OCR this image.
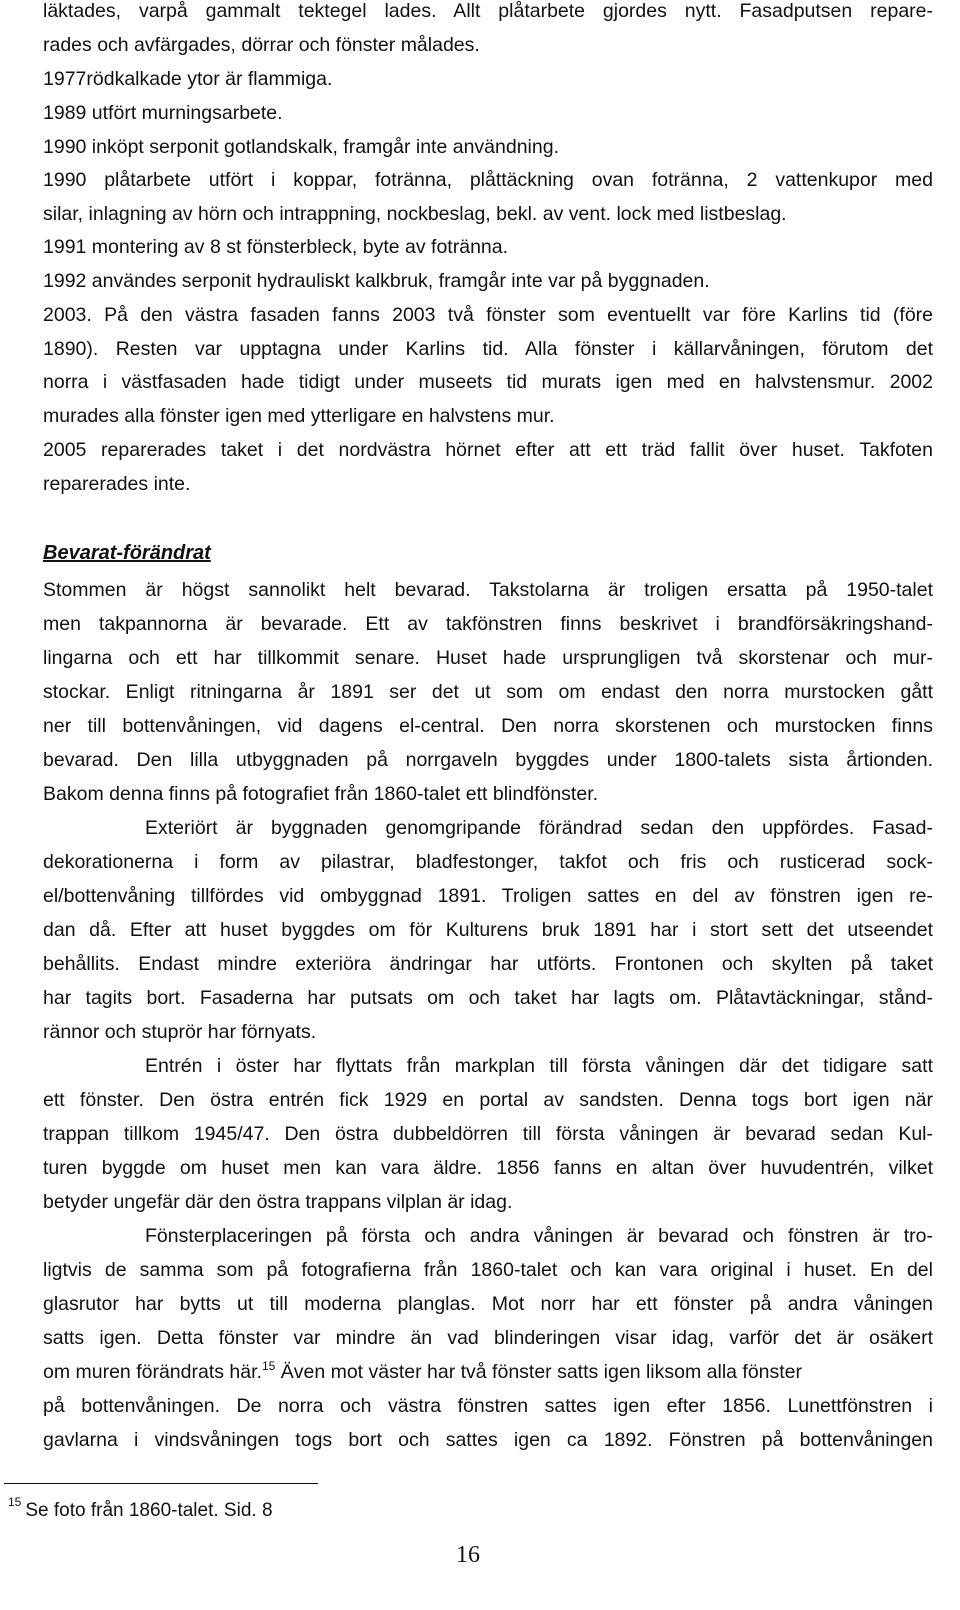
läktades, varpå gammalt tektegel lades. Allt plåtarbete gjordes nytt. Fasadputsen repare-
rades och avfärgades, dörrar och fönster målades.
1977rödkalkade ytor är flammiga.
1989 utfört murningsarbete.
1990 inköpt serponit gotlandskalk, framgår inte användning.
1990 plåtarbete utfört i koppar, fotränna, plåttäckning ovan fotränna, 2 vattenkupor med
silar, inlagning av hörn och intrappning, nockbeslag, bekl. av vent. lock med listbeslag.
1991 montering av 8 st fönsterbleck, byte av fotränna.
1992 användes serponit hydrauliskt kalkbruk, framgår inte var på byggnaden.
2003. På den västra fasaden fanns 2003 två fönster som eventuellt var före Karlins tid (före
1890). Resten var upptagna under Karlins tid. Alla fönster i källarvåningen, förutom det
norra i västfasaden hade tidigt under museets tid murats igen med en halvstensmur. 2002
murades alla fönster igen med ytterligare en halvstens mur.
2005 reparerades taket i det nordvästra hörnet efter att ett träd fallit över huset. Takfoten
reparerades inte.
Bevarat-förändrat
Stommen är högst sannolikt helt bevarad. Takstolarna är troligen ersatta på 1950-talet
men takpannorna är bevarade. Ett av takfönstren finns beskrivet i brandförsäkringshand-
lingarna och ett har tillkommit senare. Huset hade ursprungligen två skorstenar och mur-
stockar. Enligt ritningarna år 1891 ser det ut som om endast den norra murstocken gått
ner till bottenvåningen, vid dagens el-central. Den norra skorstenen och murstocken finns
bevarad. Den lilla utbyggnaden på norrgaveln byggdes under 1800-talets sista årtionden.
Bakom denna finns på fotografiet från 1860-talet ett blindfönster.
Exteriört är byggnaden genomgripande förändrad sedan den uppfördes. Fasad-
dekorationerna i form av pilastrar, bladfestonger, takfot och fris och rusticerad sock-
el/bottenvåning tillfördes vid ombyggnad 1891. Troligen sattes en del av fönstren igen re-
dan då. Efter att huset byggdes om för Kulturens bruk 1891 har i stort sett det utseendet
behållits. Endast mindre exteriöra ändringar har utförts. Frontonen och skylten på taket
har tagits bort. Fasaderna har putsats om och taket har lagts om. Plåtavtäckningar, stånd-
rännor och stuprör har förnyats.
Entrén i öster har flyttats från markplan till första våningen där det tidigare satt
ett fönster. Den östra entrén fick 1929 en portal av sandsten. Denna togs bort igen när
trappan tillkom 1945/47. Den östra dubbeldörren till första våningen är bevarad sedan Kul-
turen byggde om huset men kan vara äldre. 1856 fanns en altan över huvudentrén, vilket
betyder ungefär där den östra trappans vilplan är idag.
Fönsterplaceringen på första och andra våningen är bevarad och fönstren är tro-
ligtvis de samma som på fotografierna från 1860-talet och kan vara original i huset. En del
glasrutor har bytts ut till moderna planglas. Mot norr har ett fönster på andra våningen
satts igen. Detta fönster var mindre än vad blinderingen visar idag, varför det är osäkert
om muren förändrats här.$^{15}$ Även mot väster har två fönster satts igen liksom alla fönster
på bottenvåningen. De norra och västra fönstren sattes igen efter 1856. Lunettfönstren i
gavlarna i vindsvåningen togs bort och sattes igen ca 1892. Fönstren på bottenvåningen
$^{15}$ Se foto från 1860-talet. Sid. 8
16
